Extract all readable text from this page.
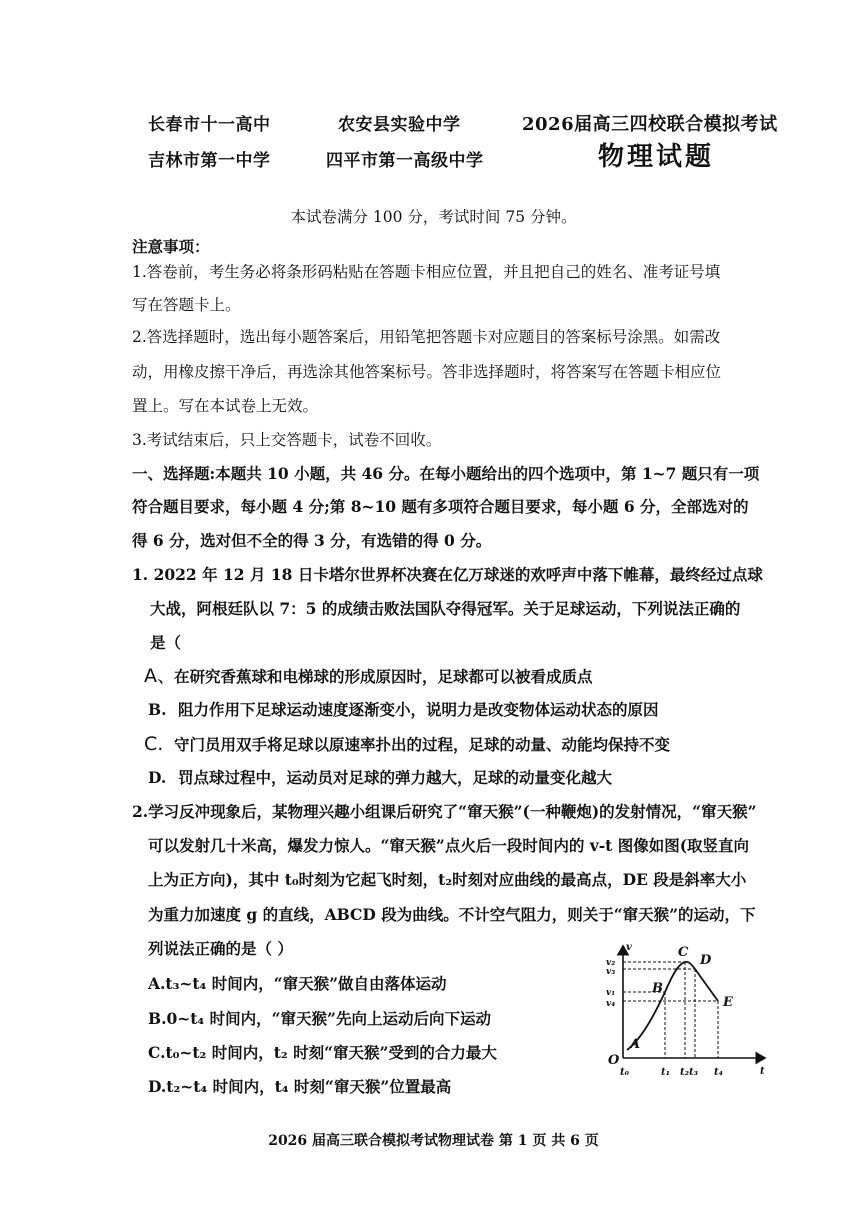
长春市十一高中	农安县实验中学
吉林市第一中学	四平市第一高级中学
2026届高三四校联合模拟考试
物理试题
本试卷满分 100 分，考试时间 75 分钟。
注意事项：
1.答卷前，考生务必将条形码粘贴在答题卡相应位置，并且把自己的姓名、准考证号填
写在答题卡上。
2.答选择题时，选出每小题答案后，用铅笔把答题卡对应题目的答案标号涂黑。如需改
动，用橡皮擦干净后，再选涂其他答案标号。答非选择题时，将答案写在答题卡相应位
置上。写在本试卷上无效。
3.考试结束后，只上交答题卡，试卷不回收。
一、选择题:本题共 10 小题，共 46 分。在每小题给出的四个选项中，第 1~7 题只有一项
符合题目要求，每小题 4 分;第 8~10 题有多项符合题目要求，每小题 6 分，全部选对的
得 6 分，选对但不全的得 3 分，有选错的得 0 分。
1. 2022 年 12 月 18 日卡塔尔世界杯决赛在亿万球迷的欢呼声中落下帷幕，最终经过点球
大战，阿根廷队以 7：5 的成绩击败法国队夺得冠军。关于足球运动，下列说法正确的
是（
A、在研究香蕉球和电梯球的形成原因时，足球都可以被看成质点
B. 阻力作用下足球运动速度逐渐变小，说明力是改变物体运动状态的原因
C. 守门员用双手将足球以原速率扑出的过程，足球的动量、动能均保持不变
D. 罚点球过程中，运动员对足球的弹力越大，足球的动量变化越大
2.学习反冲现象后，某物理兴趣小组课后研究了“窜天猴”(一种鞭炮)的发射情况，“窜天猴”
可以发射几十米高，爆发力惊人。“窜天猴”点火后一段时间内的 v-t 图像如图(取竖直向
上为正方向)，其中 t₀时刻为它起飞时刻，t₂时刻对应曲线的最高点，DE 段是斜率大小
为重力加速度 g 的直线，ABCD 段为曲线。不计空气阻力，则关于“窜天猴”的运动，下
列说法正确的是（ ）
A.t₃~t₄ 时间内，“窜天猴”做自由落体运动
B.0~t₄ 时间内，“窜天猴”先向上运动后向下运动
C.t₀~t₂ 时间内，t₂ 时刻“窜天猴”受到的合力最大
D.t₂~t₄ 时间内，t₄ 时刻“窜天猴”位置最高
v
t
O
v₂
v₃
v₁
v₄
t₀	t₁ t₂t₃ t₄
A
B
C
D
E
2026 届高三联合模拟考试物理试卷 第 1 页 共 6 页
